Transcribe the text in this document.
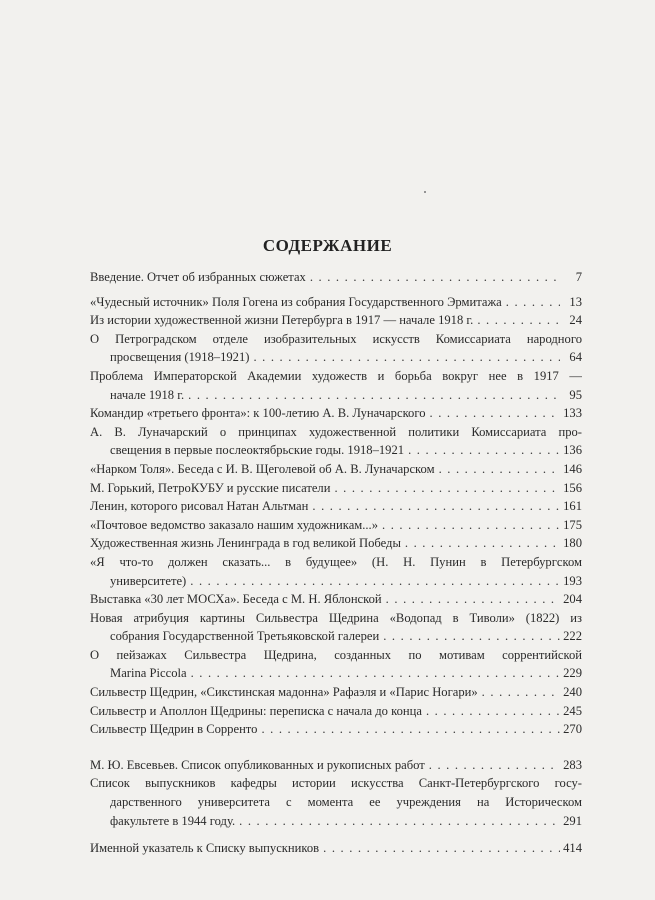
СОДЕРЖАНИЕ
Введение. Отчет об избранных сюжетах . . .	7
«Чудесный источник» Поля Гогена из собрания Государственного Эрмитажа . . .	13
Из истории художественной жизни Петербурга в 1917 — начале 1918 г. . . .	24
О Петроградском отделе изобразительных искусств Комиссариата народного
просвещения (1918–1921) . . .	64
Проблема Императорской Академии художеств и борьба вокруг нее в 1917 —
начале 1918 г. . . .	95
Командир «третьего фронта»: к 100-летию А. В. Луначарского . . .	133
А. В. Луначарский о принципах художественной политики Комиссариата про-
свещения в первые послеоктябрьские годы. 1918–1921 . . .	136
«Нарком Толя». Беседа с И. В. Щеголевой об А. В. Луначарском . . .	146
М. Горький, ПетроКУБУ и русские писатели . . .	156
Ленин, которого рисовал Натан Альтман . . .	161
«Почтовое ведомство заказало нашим художникам...» . . .	175
Художественная жизнь Ленинграда в год великой Победы . . .	180
«Я что-то должен сказать... в будущее» (Н. Н. Пунин в Петербургском
университете) . . .	193
Выставка «30 лет МОСХа». Беседа с М. Н. Яблонской . . .	204
Новая атрибуция картины Сильвестра Щедрина «Водопад в Тиволи» (1822) из
собрания Государственной Третьяковской галереи . . .	222
О пейзажах Сильвестра Щедрина, созданных по мотивам соррентийской
Marina Piccola . . .	229
Сильвестр Щедрин, «Сикстинская мадонна» Рафаэля и «Парис Ногари» . . .	240
Сильвестр и Аполлон Щедрины: переписка с начала до конца . . .	245
Сильвестр Щедрин в Сорренто . . .	270
М. Ю. Евсевьев. Список опубликованных и рукописных работ . . .	283
Список выпускников кафедры истории искусства Санкт-Петербургского госу-
дарственного университета с момента ее учреждения на Историческом
факультете в 1944 году. . . .	291
Именной указатель к Списку выпускников . . .	414
